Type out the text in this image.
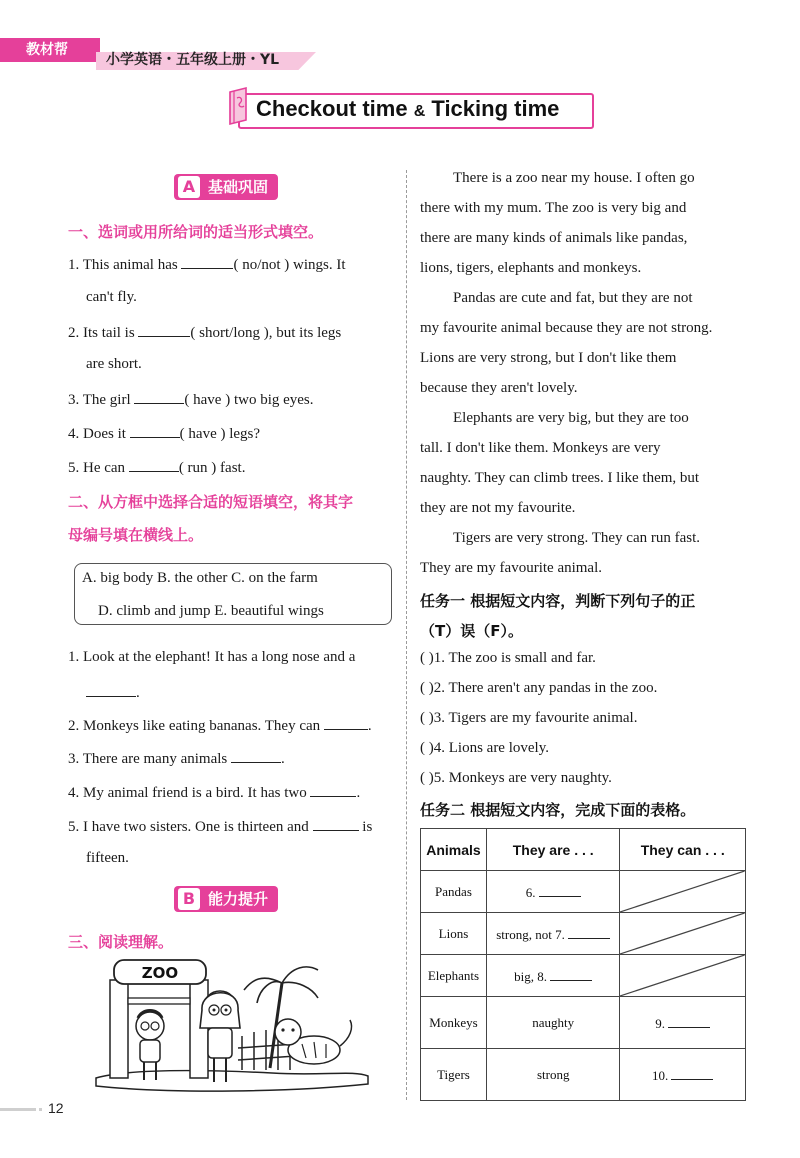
教材帮
小学英语・五年级上册・YL
Checkout time & Ticking time
A 基础巩固
一、选词或用所给词的适当形式填空。
1. This animal has	( no/not ) wings. It
can't fly.
2. Its tail is	( short/long ), but its legs
are short.
3. The girl	( have ) two big eyes.
4. Does it	( have ) legs?
5. He can	( run ) fast.
二、从方框中选择合适的短语填空，将其字
母编号填在横线上。
A. big body B. the other C. on the farm
D. climb and jump E. beautiful wings
1. Look at the elephant! It has a long nose and a
.
2. Monkeys like eating bananas. They can	.
3. There are many animals	.
4. My animal friend is a bird. It has two	.
5. I have two sisters. One is thirteen and	is
fifteen.
B 能力提升
三、阅读理解。
ZOO
There is a zoo near my house. I often go
there with my mum. The zoo is very big and
there are many kinds of animals like pandas,
lions, tigers, elephants and monkeys.
Pandas are cute and fat, but they are not
my favourite animal because they are not strong.
Lions are very strong, but I don't like them
because they aren't lovely.
Elephants are very big, but they are too
tall. I don't like them. Monkeys are very
naughty. They can climb trees. I like them, but
they are not my favourite.
Tigers are very strong. They can run fast.
They are my favourite animal.
任务一 根据短文内容，判断下列句子的正
（T）误（F）。
( )1. The zoo is small and far.
( )2. There aren't any pandas in the zoo.
( )3. Tigers are my favourite animal.
( )4. Lions are lovely.
( )5. Monkeys are very naughty.
任务二 根据短文内容，完成下面的表格。
Animals	They are . . .	They can . . .
Pandas	6.	

Lions	strong, not 7.	

Elephants	big, 8.	

Monkeys	naughty	9.
Tigers	strong	10.
12
